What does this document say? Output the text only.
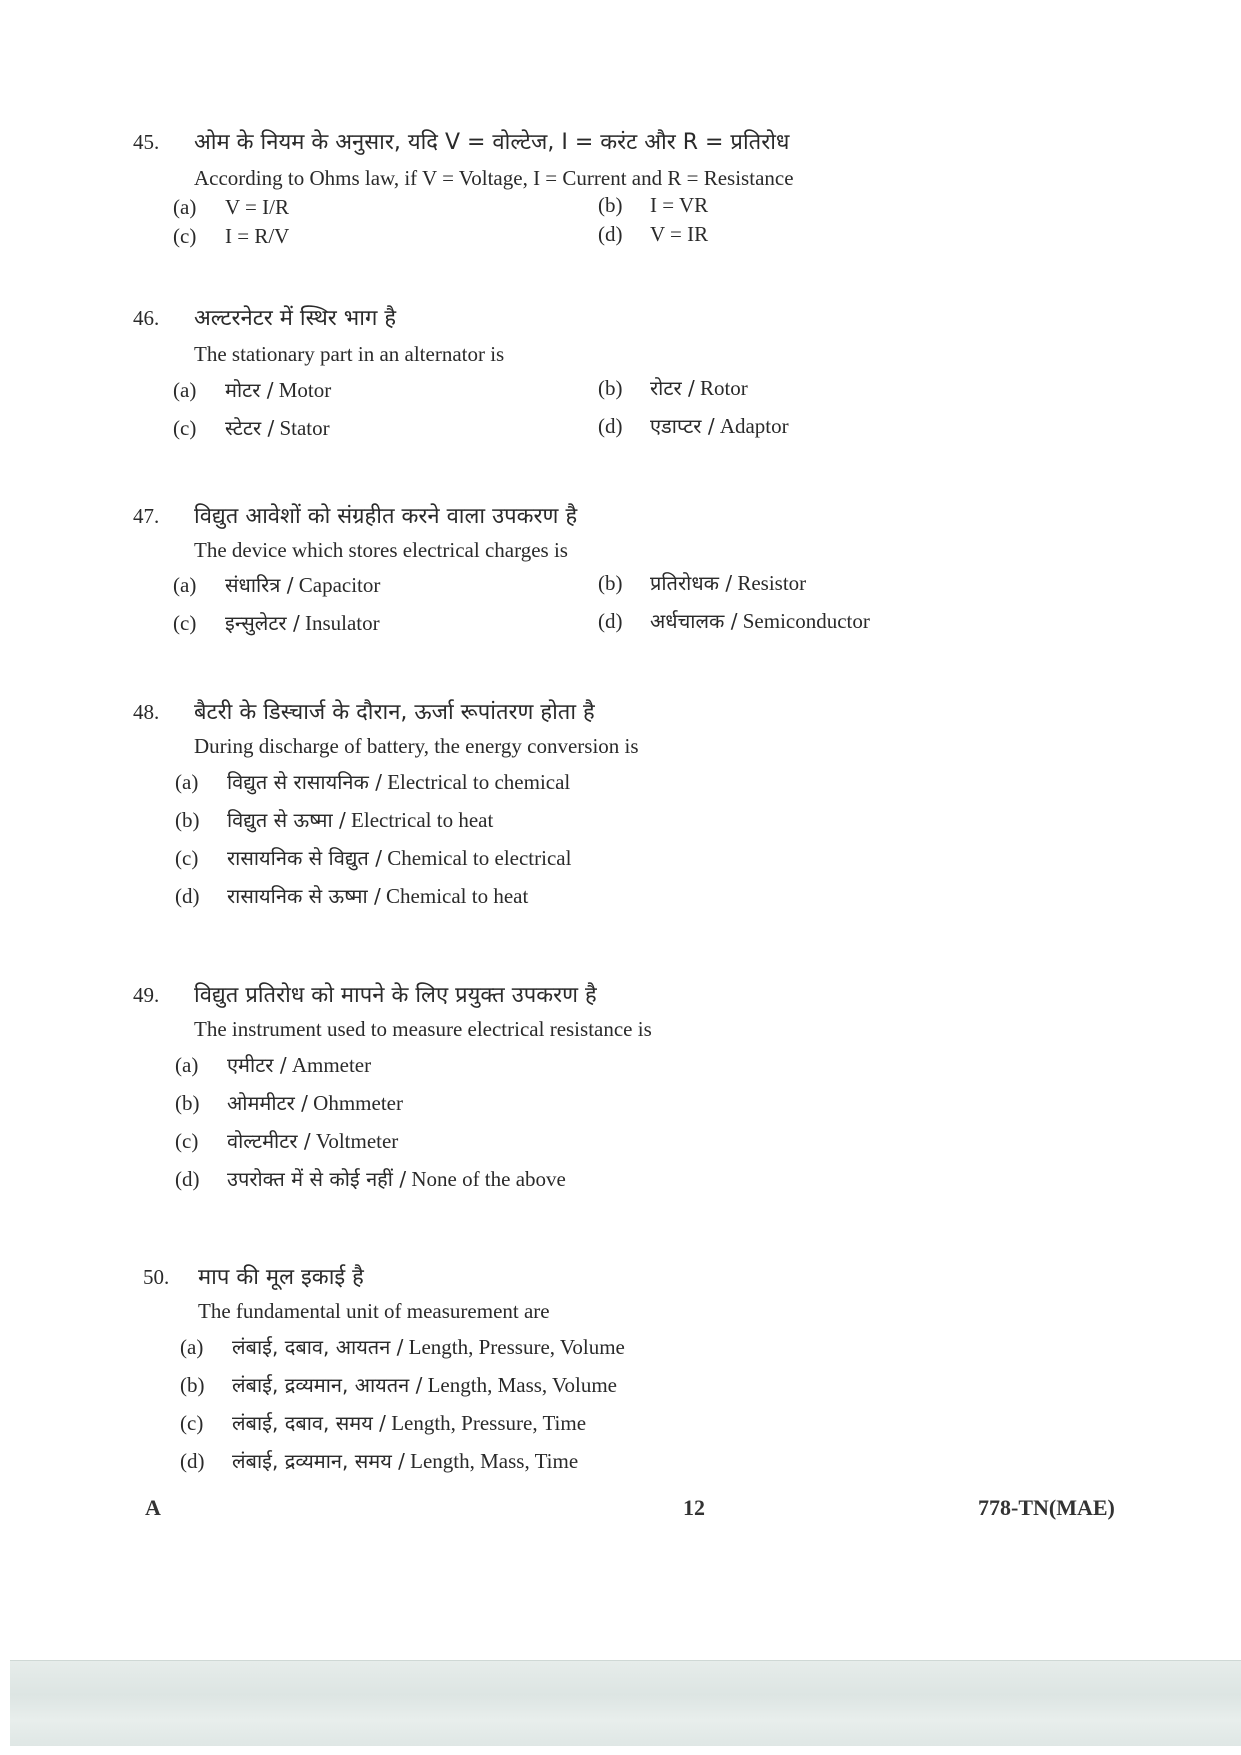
45. ओम के नियम के अनुसार, यदि V = वोल्टेज, I = करंट और R = प्रतिरोध
According to Ohms law, if V = Voltage, I = Current and R = Resistance
(a) V = I/R	(b) I = VR
(c) I = R/V	(d) V = IR
46. अल्टरनेटर में स्थिर भाग है
The stationary part in an alternator is
(a) मोटर / Motor	(b) रोटर / Rotor
(c) स्टेटर / Stator	(d) एडाप्टर / Adaptor
47. विद्युत आवेशों को संग्रहीत करने वाला उपकरण है
The device which stores electrical charges is
(a) संधारित्र / Capacitor	(b) प्रतिरोधक / Resistor
(c) इन्सुलेटर / Insulator	(d) अर्धचालक / Semiconductor
48. बैटरी के डिस्चार्ज के दौरान, ऊर्जा रूपांतरण होता है
During discharge of battery, the energy conversion is
(a) विद्युत से रासायनिक / Electrical to chemical
(b) विद्युत से ऊष्मा / Electrical to heat
(c) रासायनिक से विद्युत / Chemical to electrical
(d) रासायनिक से ऊष्मा / Chemical to heat
49. विद्युत प्रतिरोध को मापने के लिए प्रयुक्त उपकरण है
The instrument used to measure electrical resistance is
(a) एमीटर / Ammeter
(b) ओममीटर / Ohmmeter
(c) वोल्टमीटर / Voltmeter
(d) उपरोक्त में से कोई नहीं / None of the above
50. माप की मूल इकाई है
The fundamental unit of measurement are
(a) लंबाई, दबाव, आयतन / Length, Pressure, Volume
(b) लंबाई, द्रव्यमान, आयतन / Length, Mass, Volume
(c) लंबाई, दबाव, समय / Length, Pressure, Time
(d) लंबाई, द्रव्यमान, समय / Length, Mass, Time
A	12	778-TN(MAE)
